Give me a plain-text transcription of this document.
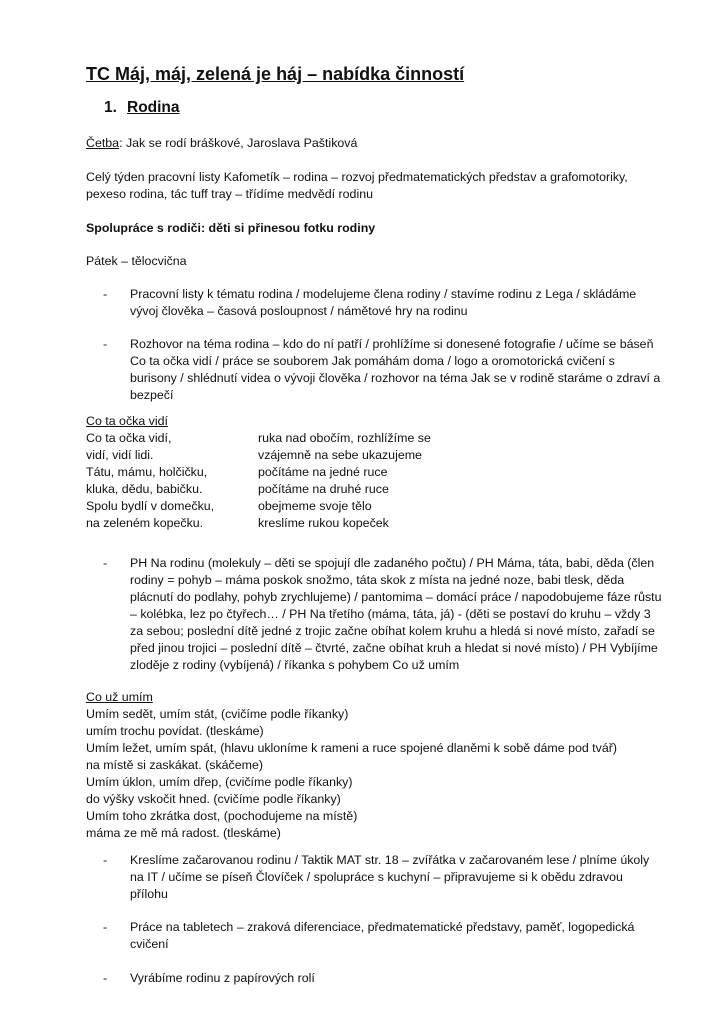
TC Máj, máj, zelená je háj – nabídka činností
1. Rodina
Četba: Jak se rodí bráškové, Jaroslava Paštiková
Celý týden pracovní listy Kafometík – rodina – rozvoj předmatematických představ a grafomotoriky, pexeso rodina, tác tuff tray – třídíme medvědí rodinu
Spolupráce s rodiči: děti si přinesou fotku rodiny
Pátek – tělocvična
- Pracovní listy k tématu rodina / modelujeme člena rodiny / stavíme rodinu z Lega / skládáme vývoj člověka – časová posloupnost / námětové hry na rodinu
- Rozhovor na téma rodina – kdo do ní patří / prohlížíme si donesené fotografie / učíme se báseň Co ta očka vidí / práce se souborem Jak pomáhám doma / logo a oromotorická cvičení s burisony / shlédnutí videa o vývoji člověka / rozhovor na téma Jak se v rodině staráme o zdraví a bezpečí
Co ta očka vidí
Co ta očka vidí,	ruka nad obočím, rozhlížíme se
vidí, vidí lidi.	vzájemně na sebe ukazujeme
Tátu, mámu, holčičku,	počítáme na jedné ruce
kluka, dědu, babičku.	počítáme na druhé ruce
Spolu bydlí v domečku,	obejmeme svoje tělo
na zeleném kopečku.	kreslíme rukou kopeček
- PH Na rodinu (molekuly – děti se spojují dle zadaného počtu) / PH Máma, táta, babi, děda (člen rodiny = pohyb – máma poskok snožmo, táta skok z místa na jedné noze, babi tlesk, děda plácnutí do podlahy, pohyb zrychlujeme) / pantomima – domácí práce / napodobujeme fáze růstu – kolébka, lez po čtyřech… / PH Na třetího (máma, táta, já) - (děti se postaví do kruhu – vždy 3 za sebou; poslední dítě jedné z trojic začne obíhat kolem kruhu a hledá si nové místo, zařadí se před jinou trojici – poslední dítě – čtvrté, začne obíhat kruh a hledat si nové místo) / PH Vybíjíme zloděje z rodiny (vybíjená) / říkanka s pohybem Co už umím
Co už umím
Umím sedět, umím stát, (cvičíme podle říkanky)
umím trochu povídat. (tleskáme)
Umím ležet, umím spát, (hlavu ukloníme k rameni a ruce spojené dlaněmi k sobě dáme pod tvář)
na místě si zaskákat. (skáčeme)
Umím úklon, umím dřep, (cvičíme podle říkanky)
do výšky vskočit hned. (cvičíme podle říkanky)
Umím toho zkrátka dost, (pochodujeme na místě)
máma ze mě má radost. (tleskáme)
- Kreslíme začarovanou rodinu / Taktik MAT str. 18 – zvířátka v začarovaném lese / plníme úkoly na IT / učíme se píseň Človíček / spolupráce s kuchyní – připravujeme si k obědu zdravou přílohu
- Práce na tabletech – zraková diferenciace, předmatematické představy, paměť, logopedická cvičení
- Vyrábíme rodinu z papírových rolí
